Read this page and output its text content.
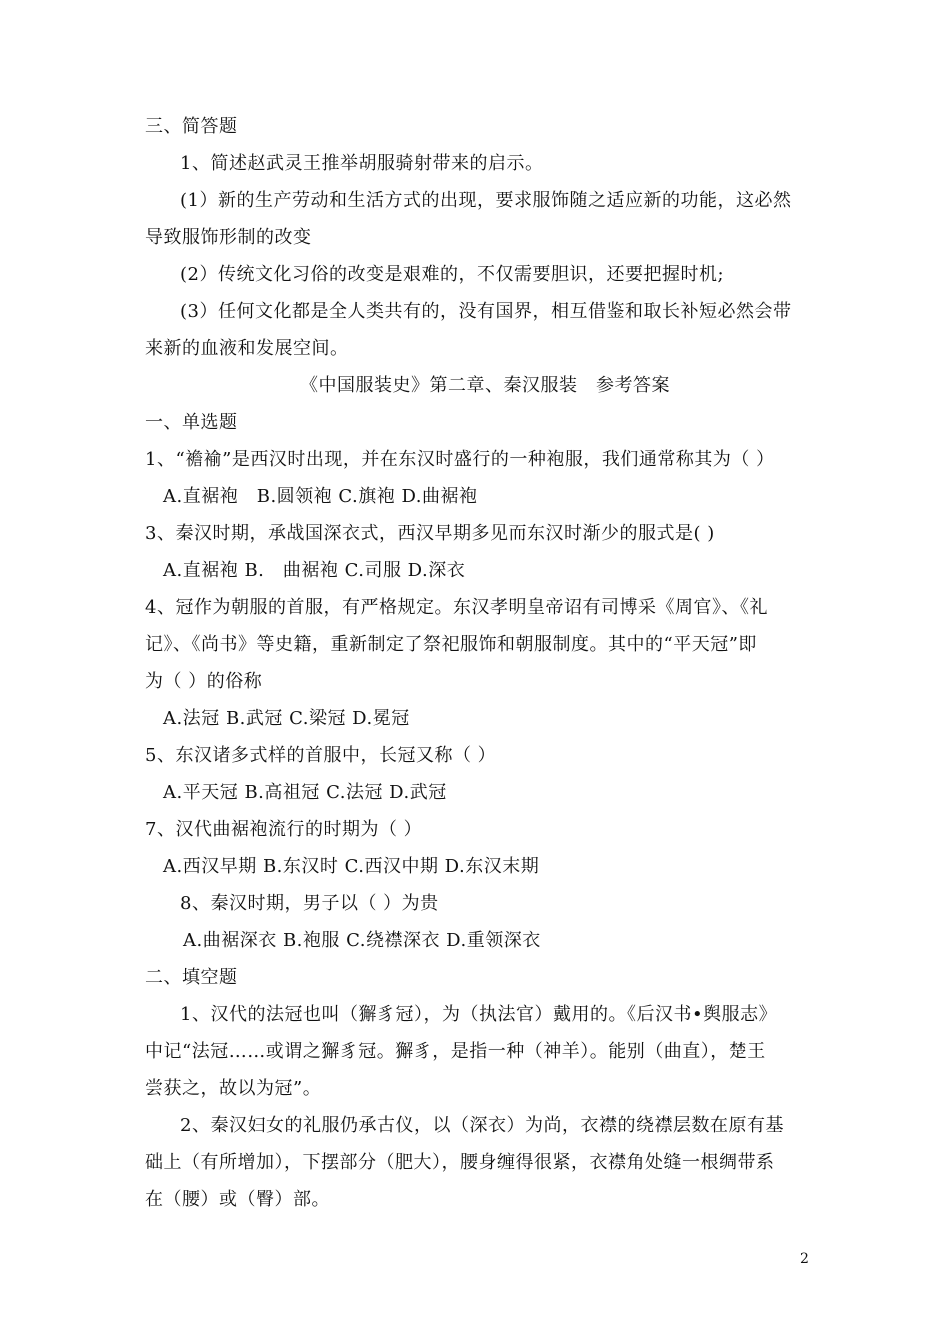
三、简答题
1、简述赵武灵王推举胡服骑射带来的启示。
(1）新的生产劳动和生活方式的出现，要求服饰随之适应新的功能，这必然
导致服饰形制的改变
(2）传统文化习俗的改变是艰难的，不仅需要胆识，还要把握时机;
(3）任何文化都是全人类共有的，没有国界，相互借鉴和取长补短必然会带
来新的血液和发展空间。
《中国服装史》第二章、秦汉服装　参考答案
一、单选题
1、“襜褕”是西汉时出现，并在东汉时盛行的一种袍服，我们通常称其为（ ）
A.直裾袍　B.圆领袍 C.旗袍 D.曲裾袍
3、秦汉时期，承战国深衣式，西汉早期多见而东汉时渐少的服式是( )
A.直裾袍 B.　曲裾袍 C.司服 D.深衣
4、冠作为朝服的首服，有严格规定。东汉孝明皇帝诏有司博采《周官》、《礼
记》、《尚书》等史籍，重新制定了祭祀服饰和朝服制度。其中的“平天冠”即
为（ ）的俗称
A.法冠 B.武冠 C.梁冠 D.冕冠
5、东汉诸多式样的首服中，长冠又称（ ）
A.平天冠 B.高祖冠 C.法冠 D.武冠
7、汉代曲裾袍流行的时期为（ ）
A.西汉早期 B.东汉时 C.西汉中期 D.东汉末期
8、秦汉时期，男子以（ ）为贵
A.曲裾深衣 B.袍服 C.绕襟深衣 D.重领深衣
二、填空题
1、汉代的法冠也叫（獬豸冠），为（执法官）戴用的。《后汉书•舆服志》
中记“法冠……或谓之獬豸冠。獬豸，是指一种（神羊）。能别（曲直），楚王
尝获之，故以为冠”。
2、秦汉妇女的礼服仍承古仪，以（深衣）为尚，衣襟的绕襟层数在原有基
础上（有所增加），下摆部分（肥大），腰身缠得很紧，衣襟角处缝一根绸带系
在（腰）或（臀）部。
2
